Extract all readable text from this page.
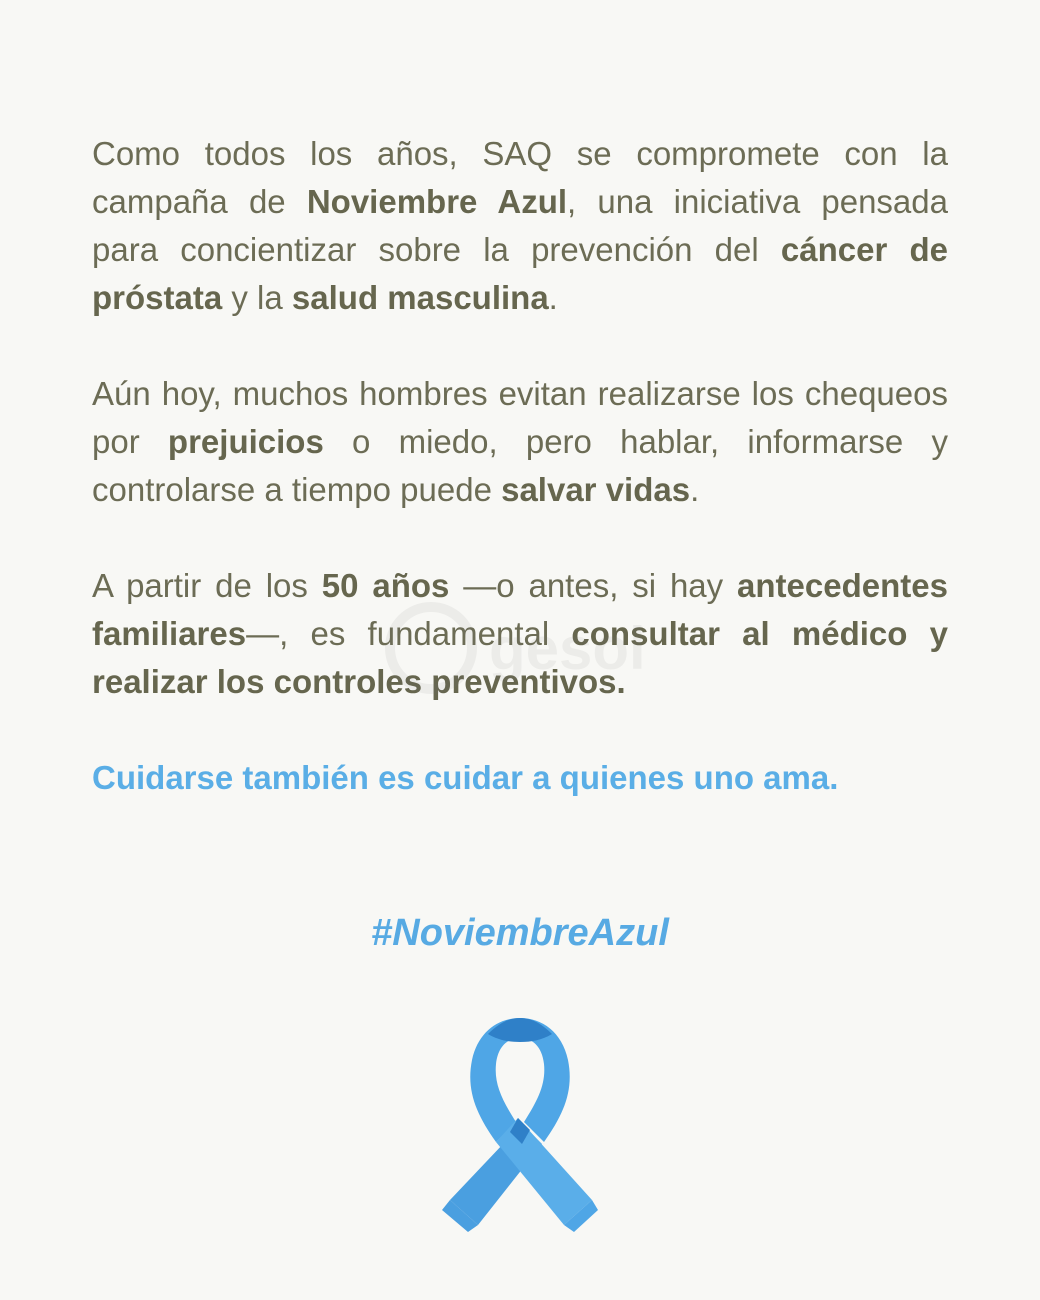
Como todos los años, SAQ se compromete con la campaña de Noviembre Azul, una iniciativa pensada para concientizar sobre la prevención del cáncer de próstata y la salud masculina.

Aún hoy, muchos hombres evitan realizarse los chequeos por prejuicios o miedo, pero hablar, informarse y controlarse a tiempo puede salvar vidas.

A partir de los 50 años —o antes, si hay antecedentes familiares—, es fundamental consultar al médico y realizar los controles preventivos.

Cuidarse también es cuidar a quienes uno ama.

gesol
#NoviembreAzul
